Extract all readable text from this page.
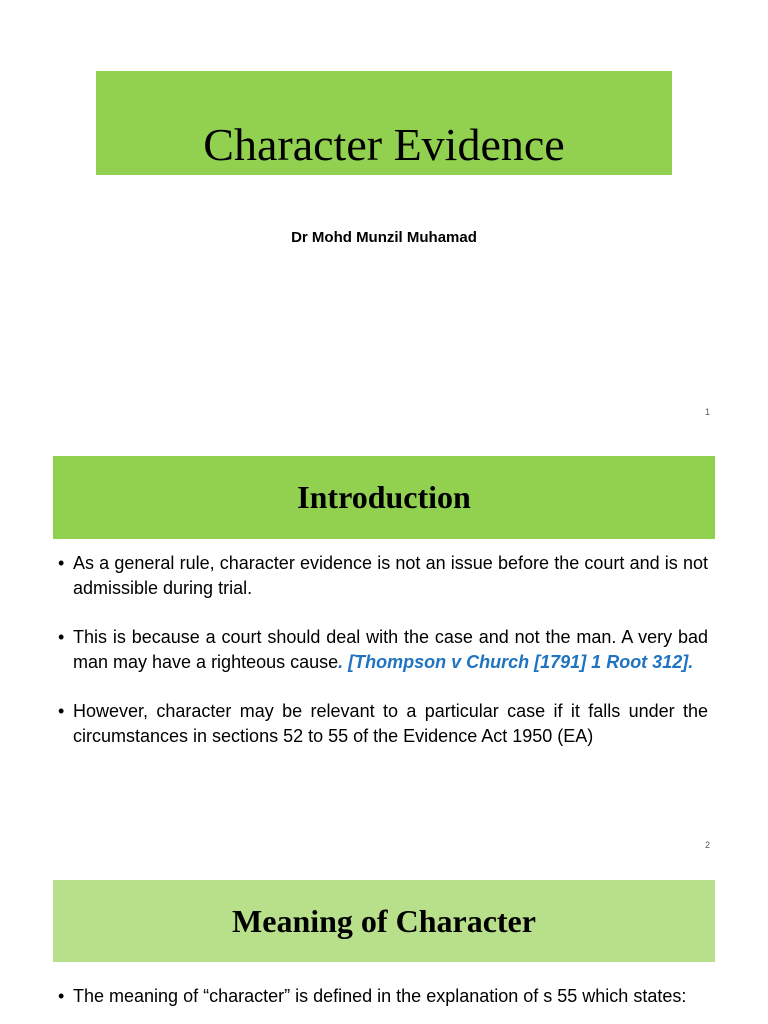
Character Evidence
Dr Mohd Munzil Muhamad
1
Introduction
• As a general rule, character evidence is not an issue before the court and is not admissible during trial.
• This is because a court should deal with the case and not the man. A very bad man may have a righteous cause. [Thompson v Church [1791] 1 Root 312].
• However, character may be relevant to a particular case if it falls under the circumstances in sections 52 to 55 of the Evidence Act 1950 (EA)
2
Meaning of Character
• The meaning of “character” is defined in the explanation of s 55 which states:
